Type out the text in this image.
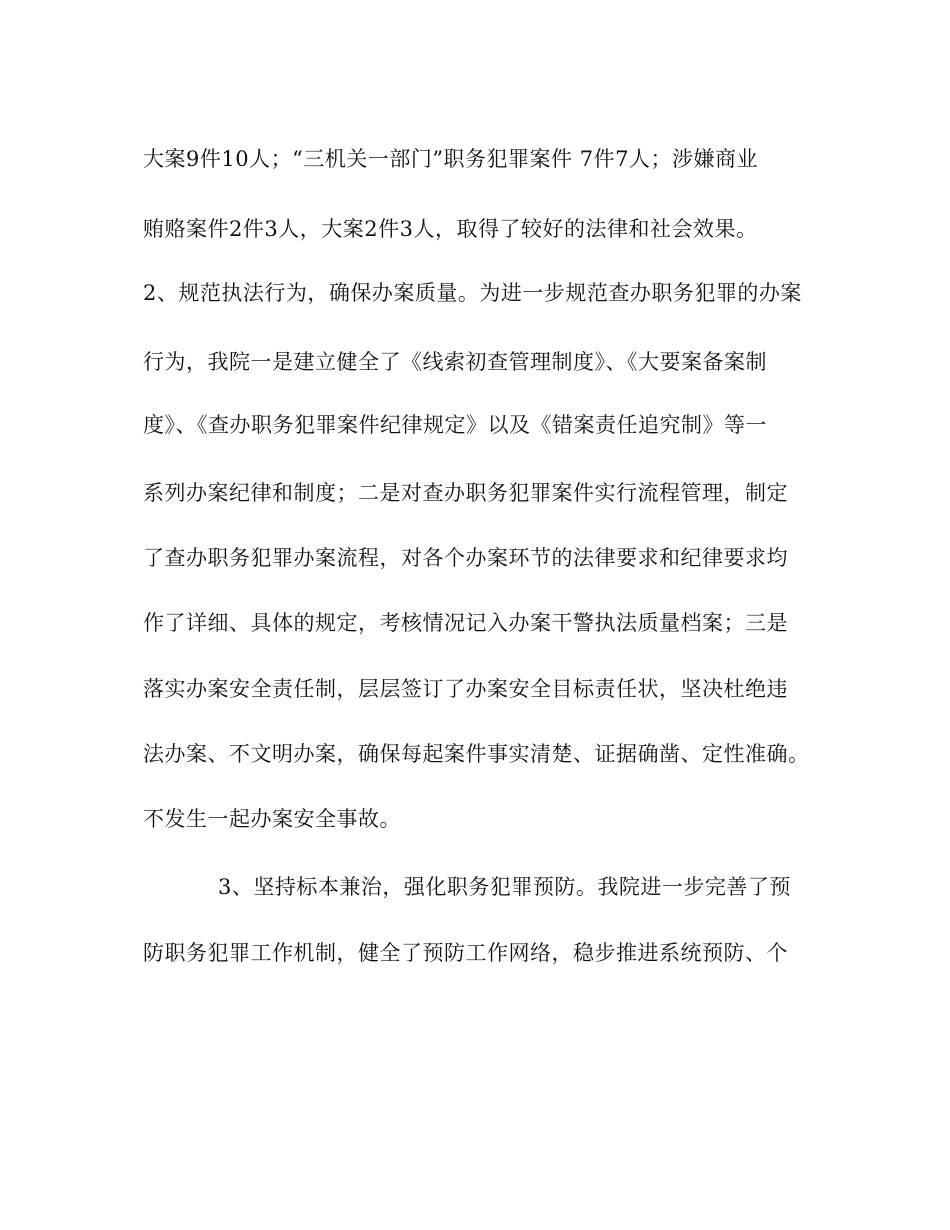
大案9件10人；“三机关一部门”职务犯罪案件 7件7人；涉嫌商业
贿赂案件2件3人，大案2件3人，取得了较好的法律和社会效果。
2、规范执法行为，确保办案质量。为进一步规范查办职务犯罪的办案
行为，我院一是建立健全了《线索初查管理制度》、《大要案备案制
度》、《查办职务犯罪案件纪律规定》以及《错案责任追究制》等一
系列办案纪律和制度；二是对查办职务犯罪案件实行流程管理，制定
了查办职务犯罪办案流程，对各个办案环节的法律要求和纪律要求均
作了详细、具体的规定，考核情况记入办案干警执法质量档案；三是
落实办案安全责任制，层层签订了办案安全目标责任状，坚决杜绝违
法办案、不文明办案，确保每起案件事实清楚、证据确凿、定性准确。
不发生一起办案安全事故。
3、坚持标本兼治，强化职务犯罪预防。我院进一步完善了预
防职务犯罪工作机制，健全了预防工作网络，稳步推进系统预防、个
